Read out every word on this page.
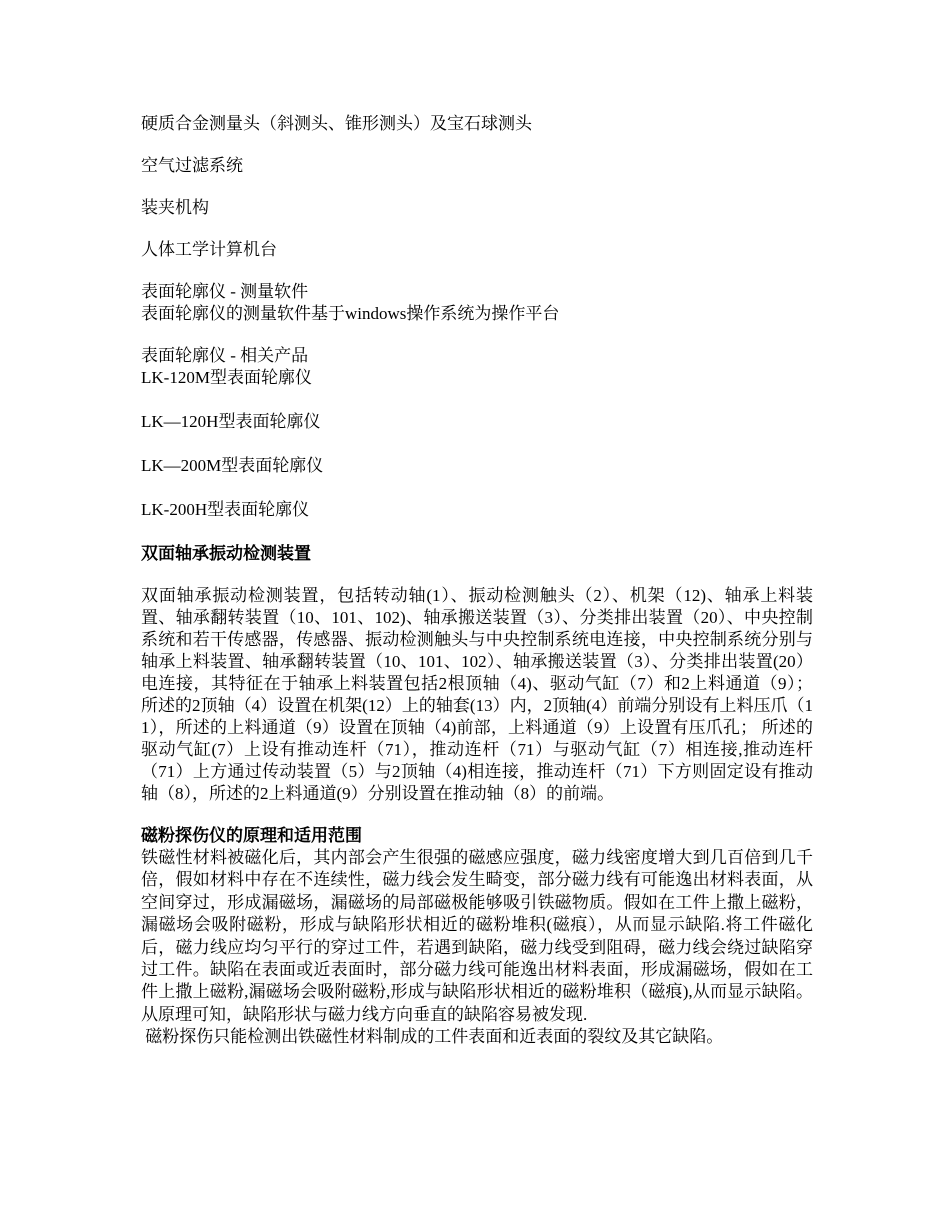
硬质合金测量头（斜测头、锥形测头）及宝石球测头
空气过滤系统
装夹机构
人体工学计算机台
表面轮廓仪 - 测量软件
表面轮廓仪的测量软件基于windows操作系统为操作平台
表面轮廓仪 - 相关产品
LK-120M型表面轮廓仪
LK—120H型表面轮廓仪
LK—200M型表面轮廓仪
LK-200H型表面轮廓仪
双面轴承振动检测装置
双面轴承振动检测装置，包括转动轴(1）、振动检测触头（2）、机架（12)、轴承上料装置、轴承翻转装置（10、101、102)、轴承搬送装置（3）、分类排出装置（20）、中央控制系统和若干传感器，传感器、振动检测触头与中央控制系统电连接，中央控制系统分别与轴承上料装置、轴承翻转装置（10、101、102）、轴承搬送装置（3）、分类排出装置(20）电连接，其特征在于轴承上料装置包括2根顶轴（4)、驱动气缸（7）和2上料通道（9）； 所述的2顶轴（4）设置在机架(12）上的轴套(13）内，2顶轴(4）前端分别设有上料压爪（11），所述的上料通道（9）设置在顶轴（4)前部，上料通道（9）上设置有压爪孔； 所述的驱动气缸(7）上设有推动连杆（71），推动连杆（71）与驱动气缸（7）相连接,推动连杆（71）上方通过传动装置（5）与2顶轴（4)相连接，推动连杆（71）下方则固定设有推动轴（8），所述的2上料通道(9）分别设置在推动轴（8）的前端。
磁粉探伤仪的原理和适用范围
铁磁性材料被磁化后，其内部会产生很强的磁感应强度，磁力线密度增大到几百倍到几千倍，假如材料中存在不连续性，磁力线会发生畸变，部分磁力线有可能逸出材料表面，从空间穿过，形成漏磁场，漏磁场的局部磁极能够吸引铁磁物质。假如在工件上撒上磁粉，漏磁场会吸附磁粉，形成与缺陷形状相近的磁粉堆积(磁痕），从而显示缺陷.将工件磁化后，磁力线应均匀平行的穿过工件，若遇到缺陷，磁力线受到阻碍，磁力线会绕过缺陷穿过工件。缺陷在表面或近表面时，部分磁力线可能逸出材料表面，形成漏磁场，假如在工件上撒上磁粉,漏磁场会吸附磁粉,形成与缺陷形状相近的磁粉堆积（磁痕),从而显示缺陷。从原理可知，缺陷形状与磁力线方向垂直的缺陷容易被发现.
磁粉探伤只能检测出铁磁性材料制成的工件表面和近表面的裂纹及其它缺陷。
